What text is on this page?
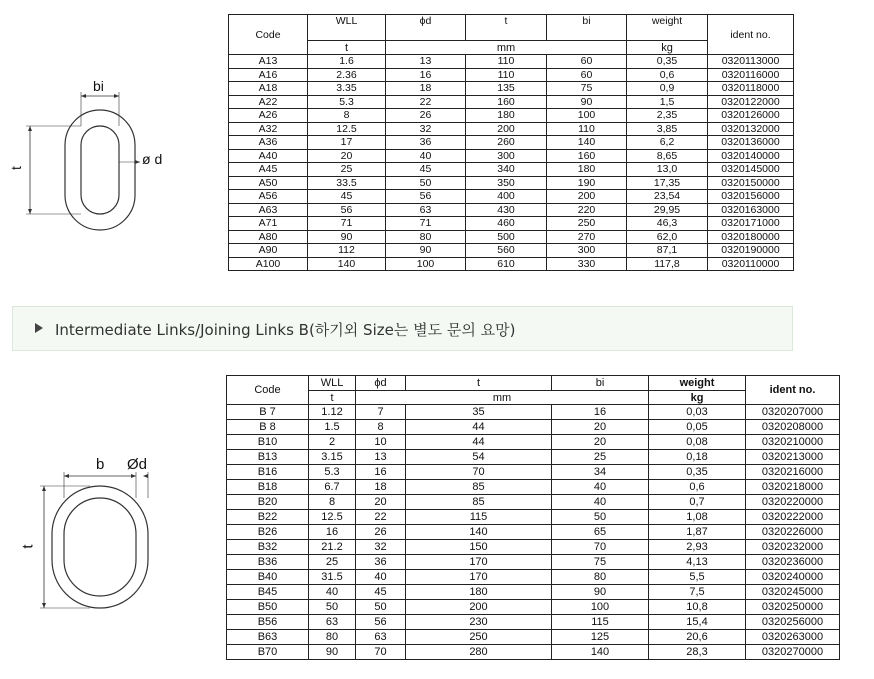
bi
t
ø d
Code	WLL	ϕd	t	bi	weight	ident no.
	t	mm			kg	
A13	1.6	13	110	60	0,35	0320113000
A16	2.36	16	110	60	0,6	0320116000
A18	3.35	18	135	75	0,9	0320118000
A22	5.3	22	160	90	1,5	0320122000
A26	8	26	180	100	2,35	0320126000
A32	12.5	32	200	110	3,85	0320132000
A36	17	36	260	140	6,2	0320136000
A40	20	40	300	160	8,65	0320140000
A45	25	45	340	180	13,0	0320145000
A50	33.5	50	350	190	17,35	0320150000
A56	45	56	400	200	23,54	0320156000
A63	56	63	430	220	29,95	0320163000
A71	71	71	460	250	46,3	0320171000
A80	90	80	500	270	62,0	0320180000
A90	112	90	560	300	87,1	0320190000
A100	140	100	610	330	117,8	0320110000
Intermediate Links/Joining Links B(하기외 Size는 별도 문의 요망)
b Ød
t
Code	WLL	ϕd	t	bi	weight	ident no.
	t	mm			kg	
B 7	1.12	7	35	16	0,03	0320207000
B 8	1.5	8	44	20	0,05	0320208000
B10	2	10	44	20	0,08	0320210000
B13	3.15	13	54	25	0,18	0320213000
B16	5.3	16	70	34	0,35	0320216000
B18	6.7	18	85	40	0,6	0320218000
B20	8	20	85	40	0,7	0320220000
B22	12.5	22	115	50	1,08	0320222000
B26	16	26	140	65	1,87	0320226000
B32	21.2	32	150	70	2,93	0320232000
B36	25	36	170	75	4,13	0320236000
B40	31.5	40	170	80	5,5	0320240000
B45	40	45	180	90	7,5	0320245000
B50	50	50	200	100	10,8	0320250000
B56	63	56	230	115	15,4	0320256000
B63	80	63	250	125	20,6	0320263000
B70	90	70	280	140	28,3	0320270000
